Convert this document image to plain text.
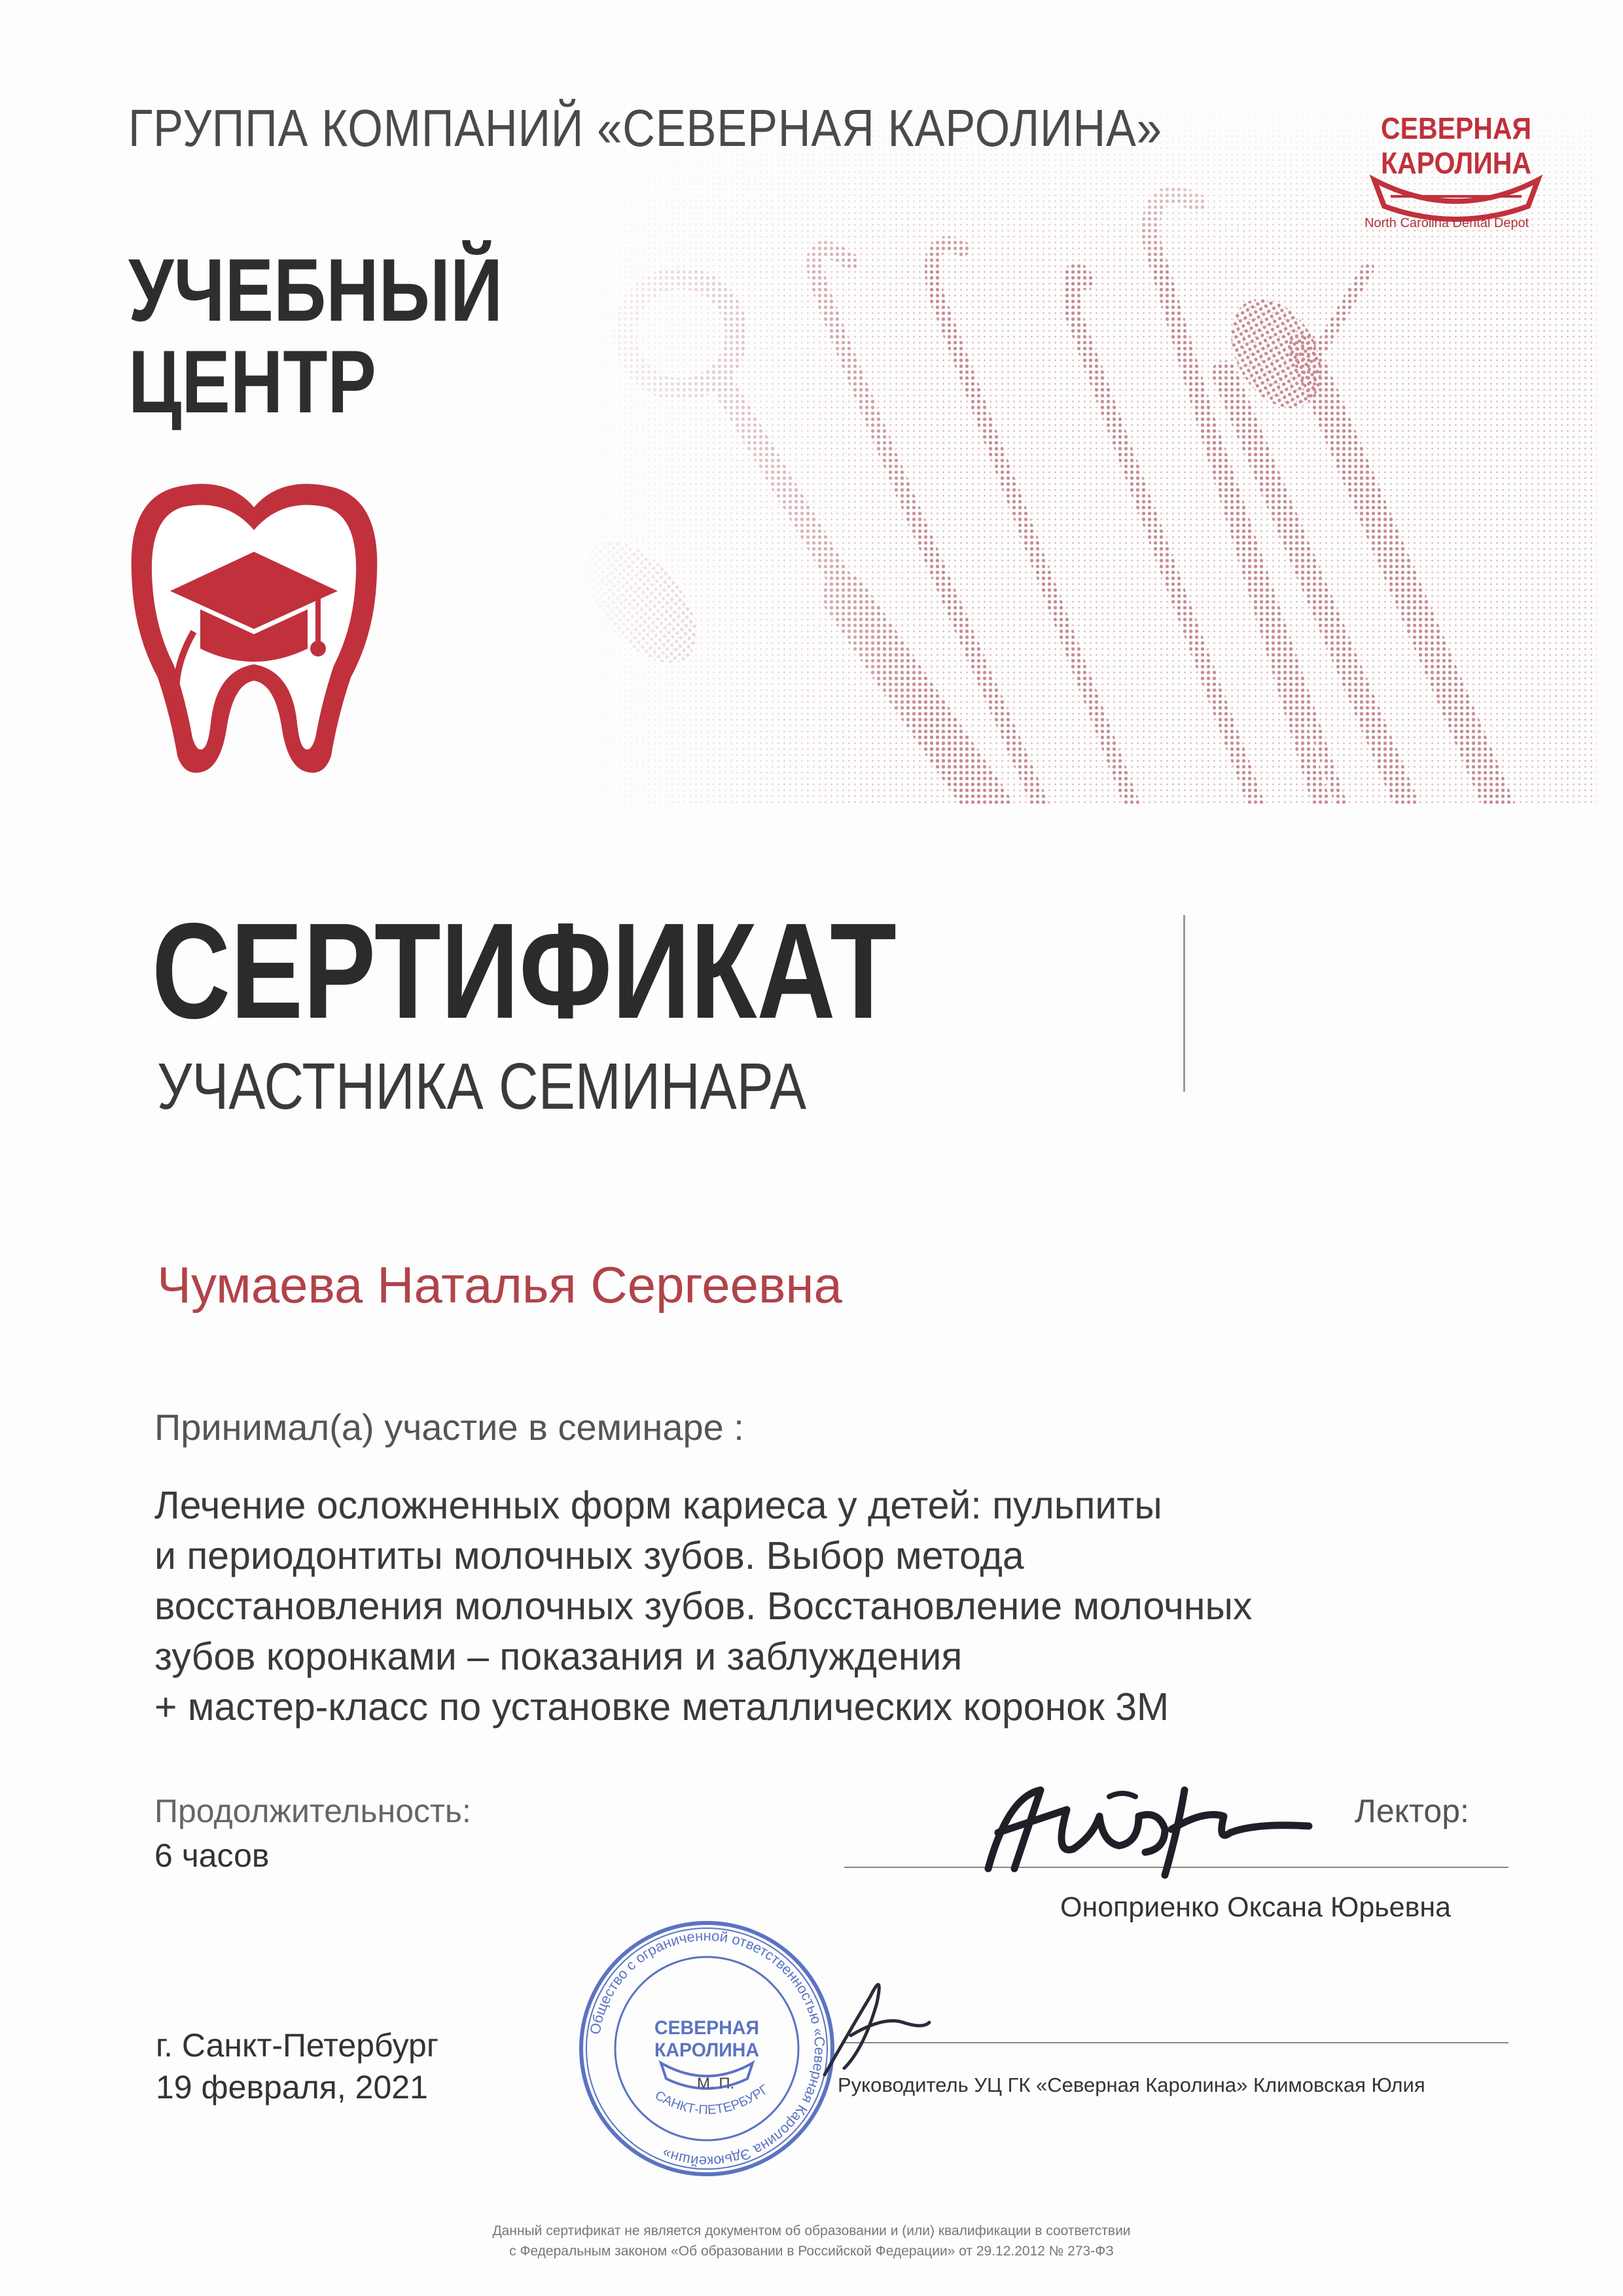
ГРУППА КОМПАНИЙ «СЕВЕРНАЯ КАРОЛИНА»
УЧЕБНЫЙ
ЦЕНТР
СЕВЕРНАЯ
КАРОЛИНА
North Carolina Dental Depot
СЕРТИФИКАТ
УЧАСТНИКА СЕМИНАРА
Чумаева Наталья Сергеевна
Принимал(а) участие в семинаре :
Лечение осложненных форм кариеса у детей: пульпиты
и периодонтиты молочных зубов. Выбор метода
восстановления молочных зубов. Восстановление молочных
зубов коронками – показания и заблуждения
+ мастер-класс по установке металлических коронок 3М
Продолжительность:
6 часов
Лектор:
Оноприенко Оксана Юрьевна
г. Санкт-Петербург
19 февраля, 2021	М. П.	Руководитель УЦ ГК «Северная Каролина» Климовская Юлия
Общество с ограниченной ответственностью «Северная Каролина Эдьюкейшн»
СЕВЕРНАЯ
КАРОЛИНА
САНКТ-ПЕТЕРБУРГ
Данный сертификат не является документом об образовании и (или) квалификации в соответствии
с Федеральным законом «Об образовании в Российской Федерации» от 29.12.2012 № 273-ФЗ
